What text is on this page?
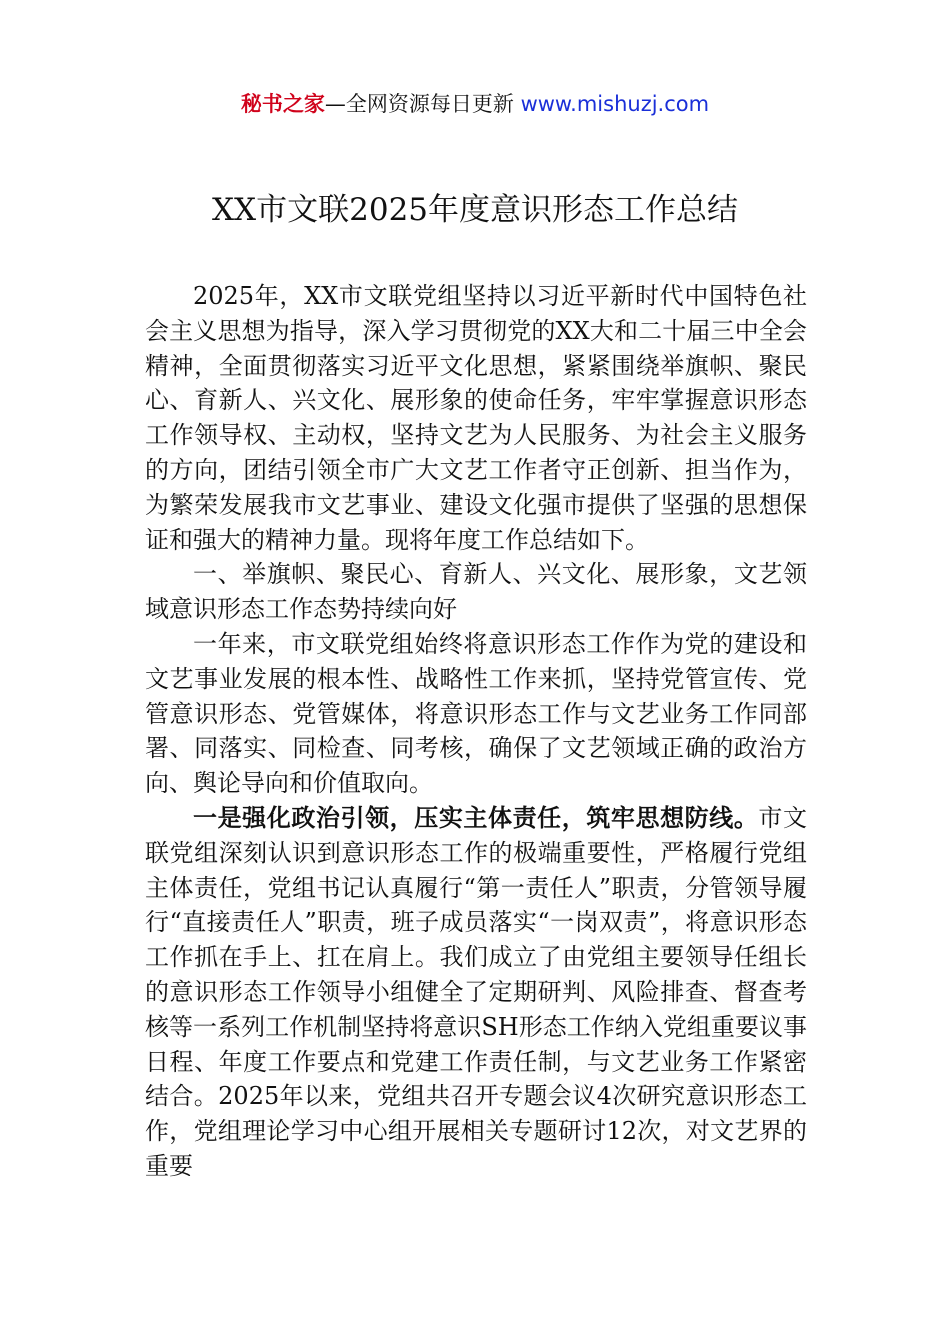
秘书之家—全网资源每日更新 www.mishuzj.com
XX市文联2025年度意识形态工作总结

2025年，XX市文联党组坚持以习近平新时代中国特色社会主义思想为指导，深入学习贯彻党的XX大和二十届三中全会精神，全面贯彻落实习近平文化思想，紧紧围绕举旗帜、聚民心、育新人、兴文化、展形象的使命任务，牢牢掌握意识形态工作领导权、主动权，坚持文艺为人民服务、为社会主义服务的方向，团结引领全市广大文艺工作者守正创新、担当作为，为繁荣发展我市文艺事业、建设文化强市提供了坚强的思想保证和强大的精神力量。现将年度工作总结如下。

一、举旗帜、聚民心、育新人、兴文化、展形象，文艺领域意识形态工作态势持续向好

一年来，市文联党组始终将意识形态工作作为党的建设和文艺事业发展的根本性、战略性工作来抓，坚持党管宣传、党管意识形态、党管媒体，将意识形态工作与文艺业务工作同部署、同落实、同检查、同考核，确保了文艺领域正确的政治方向、舆论导向和价值取向。

一是强化政治引领，压实主体责任，筑牢思想防线。市文联党组深刻认识到意识形态工作的极端重要性，严格履行党组主体责任，党组书记认真履行“第一责任人”职责，分管领导履行“直接责任人”职责，班子成员落实“一岗双责”，将意识形态工作抓在手上、扛在肩上。我们成立了由党组主要领导任组长的意识形态工作领导小组健全了定期研判、风险排查、督查考核等一系列工作机制坚持将意识SH形态工作纳入党组重要议事日程、年度工作要点和党建工作责任制，与文艺业务工作紧密结合。2025年以来，党组共召开专题会议4次研究意识形态工作，党组理论学习中心组开展相关专题研讨12次，对文艺界的重要
